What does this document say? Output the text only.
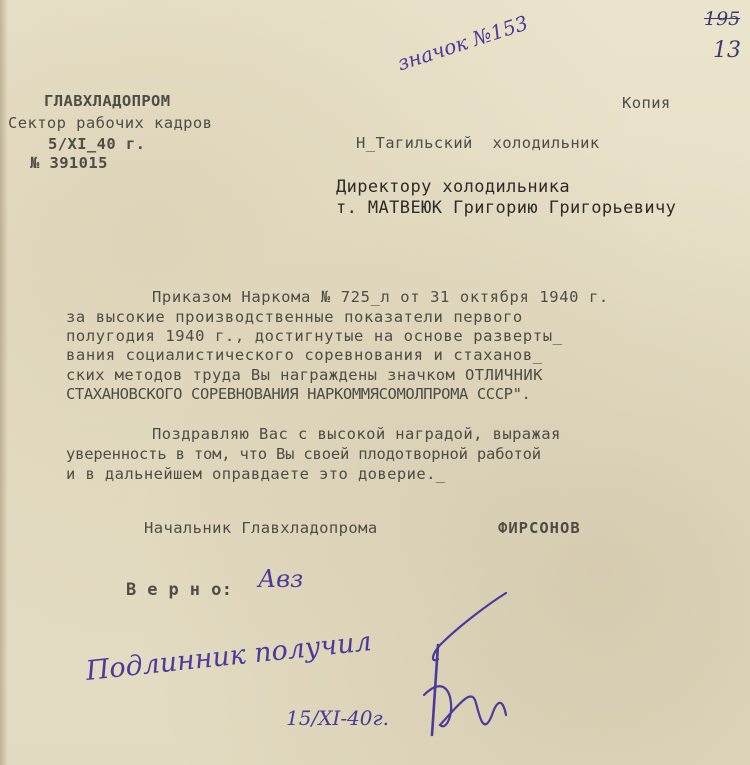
195
13
значок №153
ГЛАВХЛАДОПРОМ
Сектор рабочих кадров
5/ХI_40 г.
№ 391015
Копия
Н_Тагильский холодильник
Директору холодильника
т. МАТВЕЮК Григорию Григорьевичу
Приказом Наркома № 725_л от 31 октября 1940 г.
за высокие производственные показатели первого
полугодия 1940 г., достигнутые на основе разверты_
вания социалистического соревнования и стаханов_
ских методов труда Вы награждены значком ОТЛИЧНИК
СТАХАНОВСКОГО СОРЕВНОВАНИЯ НАРКОММЯСОМОЛПРОМА СССР".
Поздравляю Вас с высокой наградой, выражая
уверенность в том, что Вы своей плодотворной работой
и в дальнейшем оправдаете это доверие._
Начальник Главхладопрома	ФИРСОНОВ
В е р н о: Авз
Подлинник получил
15/XI-40г.
